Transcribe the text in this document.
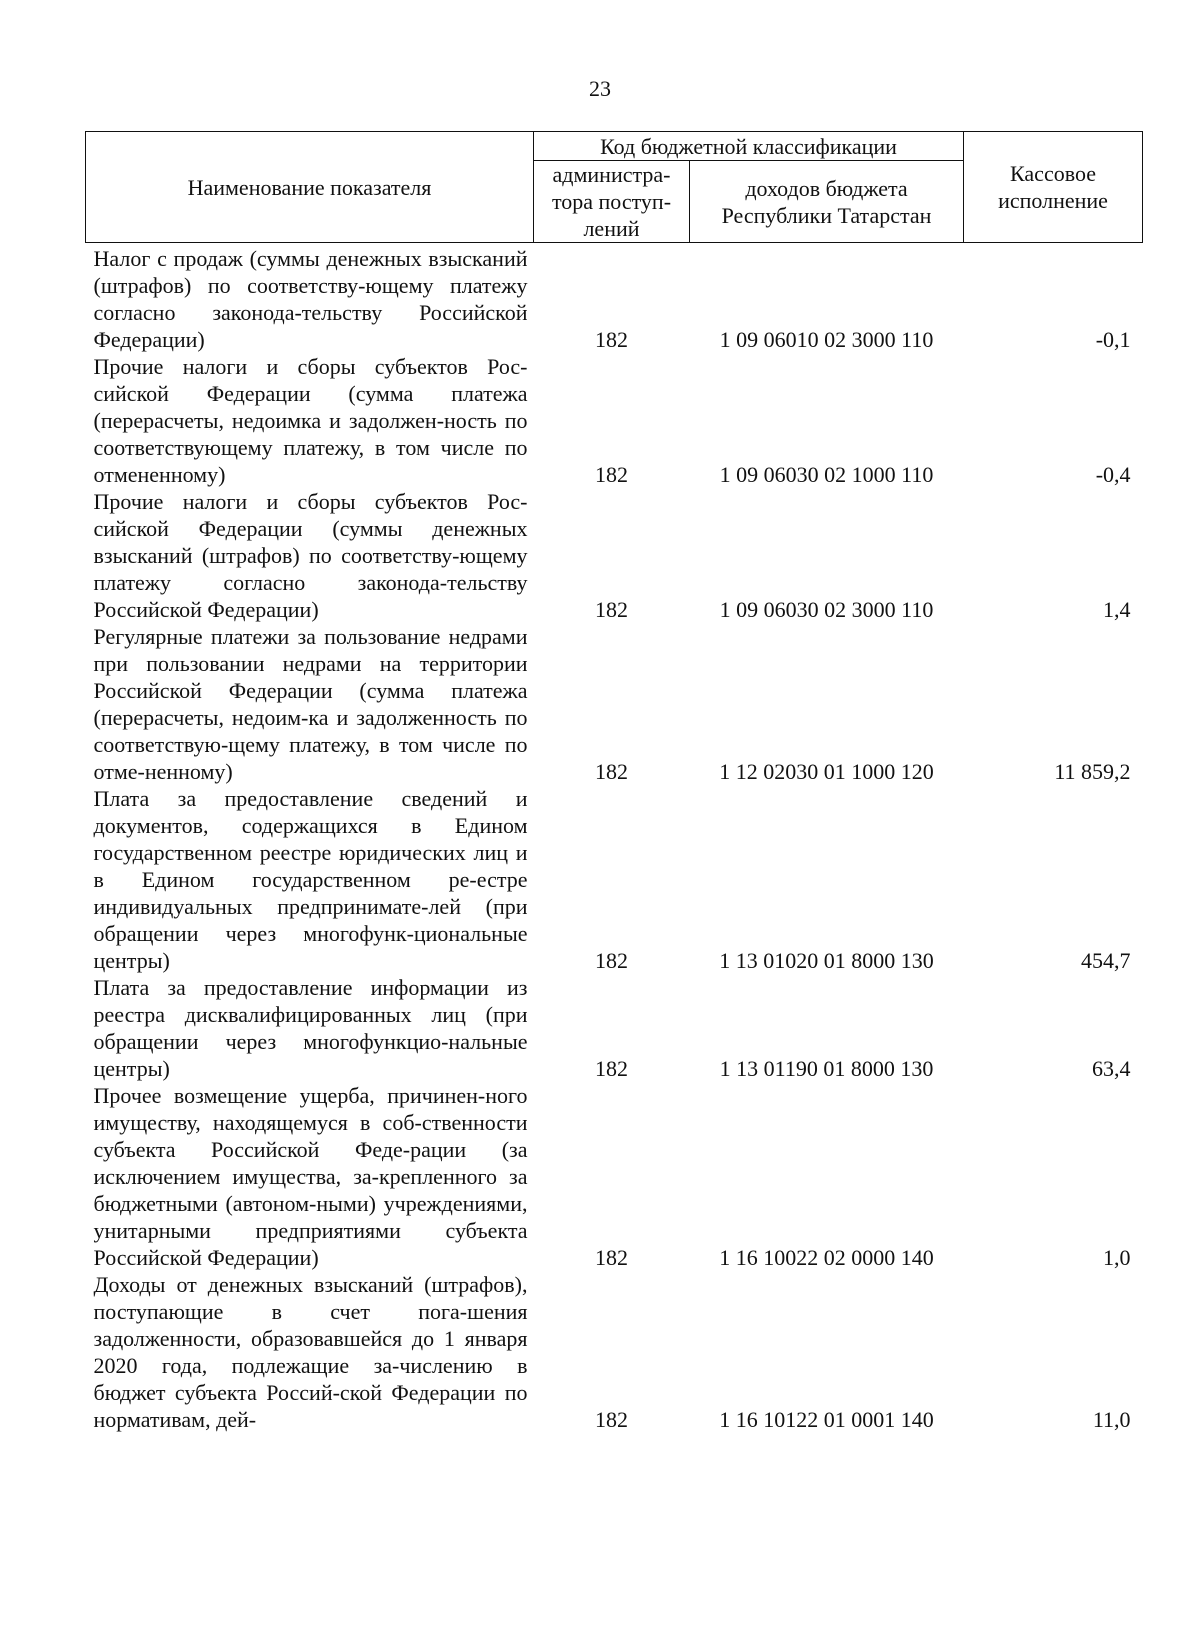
23
Наименование показателя	Код бюджетной классификации		Кассовое исполнение
	администра-тора поступ-лений	доходов бюджета Республики Татарстан	
Налог с продаж (суммы денежных взысканий (штрафов) по соответству-ющему платежу согласно законода-тельству Российской Федерации)	182	1 09 06010 02 3000 110	-0,1
Прочие налоги и сборы субъектов Рос-сийской Федерации (сумма платежа (перерасчеты, недоимка и задолжен-ность по соответствующему платежу, в том числе по отмененному)	182	1 09 06030 02 1000 110	-0,4
Прочие налоги и сборы субъектов Рос-сийской Федерации (суммы денежных взысканий (штрафов) по соответству-ющему платежу согласно законода-тельству Российской Федерации)	182	1 09 06030 02 3000 110	1,4
Регулярные платежи за пользование недрами при пользовании недрами на территории Российской Федерации (сумма платежа (перерасчеты, недоим-ка и задолженность по соответствую-щему платежу, в том числе по отме-ненному)	182	1 12 02030 01 1000 120	11 859,2
Плата за предоставление сведений и документов, содержащихся в Едином государственном реестре юридических лиц и в Едином государственном ре-естре индивидуальных предпринимате-лей (при обращении через многофунк-циональные центры)	182	1 13 01020 01 8000 130	454,7
Плата за предоставление информации из реестра дисквалифицированных лиц (при обращении через многофункцио-нальные центры)	182	1 13 01190 01 8000 130	63,4
Прочее возмещение ущерба, причинен-ного имуществу, находящемуся в соб-ственности субъекта Российской Феде-рации (за исключением имущества, за-крепленного за бюджетными (автоном-ными) учреждениями, унитарными предприятиями субъекта Российской Федерации)	182	1 16 10022 02 0000 140	1,0
Доходы от денежных взысканий (штрафов), поступающие в счет пога-шения задолженности, образовавшейся до 1 января 2020 года, подлежащие за-числению в бюджет субъекта Россий-ской Федерации по нормативам, дей-	182	1 16 10122 01 0001 140	11,0
